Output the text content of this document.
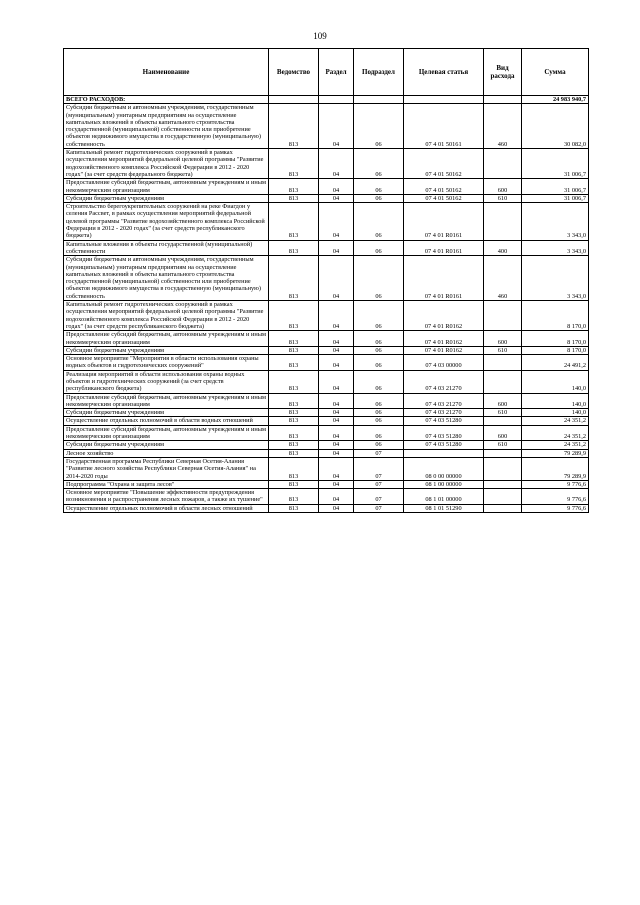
109
Наименование	Ведомство	Раздел	Подраздел	Целевая статья	Вид расхода	Сумма
ВСЕГО РАСХОДОВ:						24 983 940,7
Субсидии бюджетным и автономным учреждениям, государственным (муниципальным) унитарным предприятиям на осуществление капитальных вложений в объекты капитального строительства государственной (муниципальной) собственности или приобретение объектов недвижимого имущества в государственную (муниципальную) собственность	813	04	06	07 4 01 50161	460	30 082,0
Капитальный ремонт гидротехнических сооружений в рамках осуществления мероприятий федеральной целевой программы "Развитие водохозяйственного комплекса Российской Федерации в 2012 - 2020 годах" (за счет средств федерального бюджета)	813	04	06	07 4 01 50162		31 006,7
Предоставление субсидий бюджетным, автономным учреждениям и иным некоммерческим организациям	813	04	06	07 4 01 50162	600	31 006,7
Субсидии бюджетным учреждениям	813	04	06	07 4 01 50162	610	31 006,7
Строительство берегоукрепительных сооружений на реке Фиагдон у селения Рассвет, в рамках осуществления мероприятий федеральной целевой программы "Развитие водохозяйственного комплекса Российской Федерации в 2012 - 2020 годах" (за счет средств республиканского бюджета)	813	04	06	07 4 01 R0161		3 343,0
Капитальные вложения в объекты государственной (муниципальной) собственности	813	04	06	07 4 01 R0161	400	3 343,0
Субсидии бюджетным и автономным учреждениям, государственным (муниципальным) унитарным предприятиям на осуществление капитальных вложений в объекты капитального строительства государственной (муниципальной) собственности или приобретение объектов недвижимого имущества в государственную (муниципальную) собственность	813	04	06	07 4 01 R0161	460	3 343,0
Капитальный ремонт гидротехнических сооружений в рамках осуществления мероприятий федеральной целевой программы "Развитие водохозяйственного комплекса Российской Федерации в 2012 - 2020 годах" (за счет средств республиканского бюджета)	813	04	06	07 4 01 R0162		8 170,0
Предоставление субсидий бюджетным, автономным учреждениям и иным некоммерческим организациям	813	04	06	07 4 01 R0162	600	8 170,0
Субсидии бюджетным учреждениям	813	04	06	07 4 01 R0162	610	8 170,0
Основное мероприятие "Мероприятия в области использования охраны водных объектов и гидротехнических сооружений"	813	04	06	07 4 03 00000		24 491,2
Реализация мероприятий в области использования охраны водных объектов и гидротехнических сооружений (за счет средств республиканского бюджета)	813	04	06	07 4 03 21270		140,0
Предоставление субсидий бюджетным, автономным учреждениям и иным некоммерческим организациям	813	04	06	07 4 03 21270	600	140,0
Субсидии бюджетным учреждениям	813	04	06	07 4 03 21270	610	140,0
Осуществление отдельных полномочий в области водных отношений	813	04	06	07 4 03 51280		24 351,2
Предоставление субсидий бюджетным, автономным учреждениям и иным некоммерческим организациям	813	04	06	07 4 03 51280	600	24 351,2
Субсидии бюджетным учреждениям	813	04	06	07 4 03 51280	610	24 351,2
Лесное хозяйство	813	04	07			79 289,9
Государственная программа Республики Северная Осетия-Алания "Развитие лесного хозяйства Республики Северная Осетия-Алания" на 2014-2020 годы	813	04	07	08 0 00 00000		79 289,9
Подпрограмма "Охрана и защита лесов"	813	04	07	08 1 00 00000		9 776,6
Основное мероприятие "Повышение эффективности предупреждения возникновения и распространения лесных пожаров, а также их тушение"	813	04	07	08 1 01 00000		9 776,6
Осуществление отдельных полномочий в области лесных отношений	813	04	07	08 1 01 51290		9 776,6
